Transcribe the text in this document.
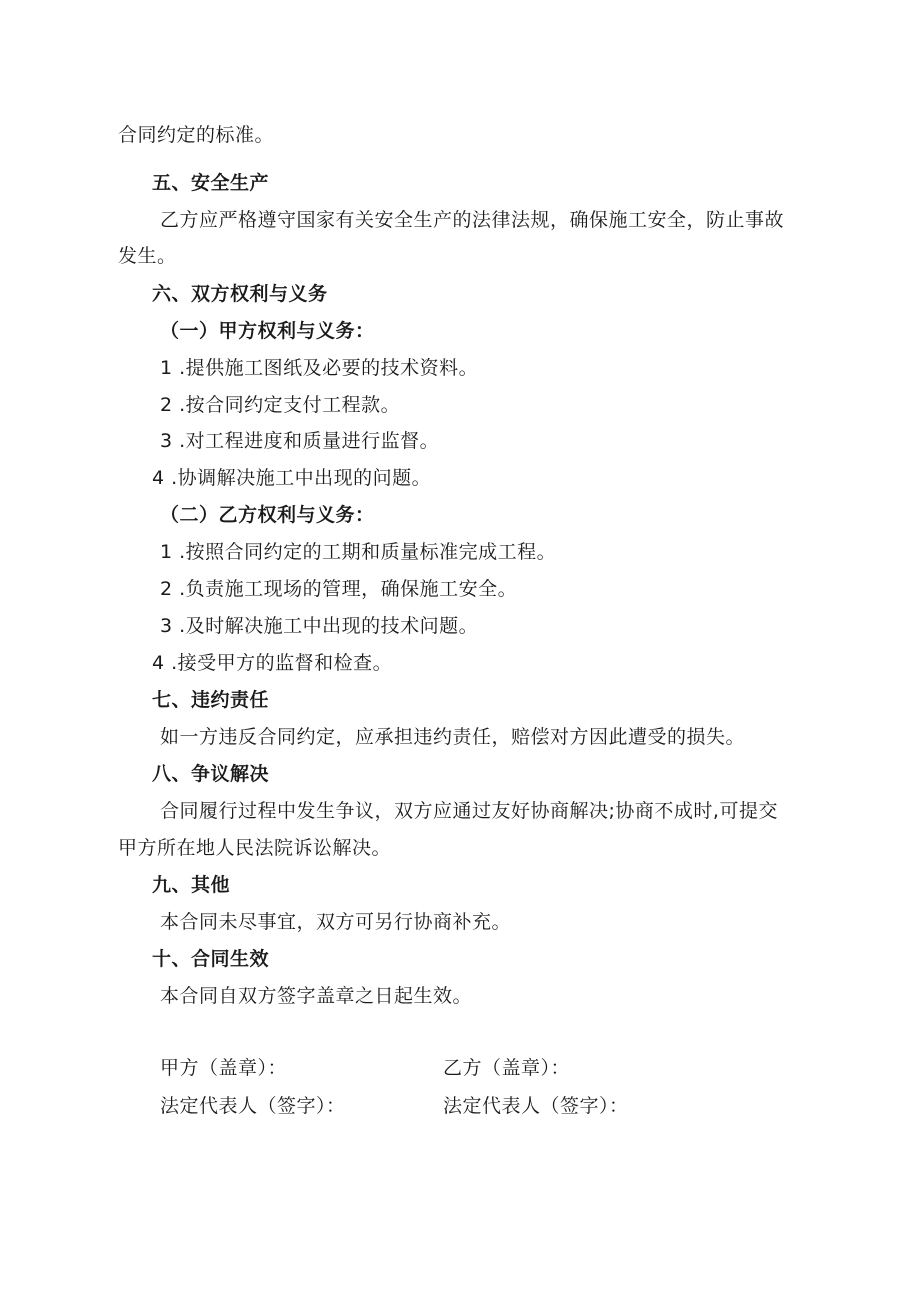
合同约定的标准。
五、安全生产
乙方应严格遵守国家有关安全生产的法律法规，确保施工安全，防止事故
发生。
六、双方权利与义务
（一）甲方权利与义务：
1 .提供施工图纸及必要的技术资料。
2 .按合同约定支付工程款。
3 .对工程进度和质量进行监督。
4 .协调解决施工中出现的问题。
（二）乙方权利与义务：
1 .按照合同约定的工期和质量标准完成工程。
2 .负责施工现场的管理，确保施工安全。
3 .及时解决施工中出现的技术问题。
4 .接受甲方的监督和检查。
七、违约责任
如一方违反合同约定，应承担违约责任，赔偿对方因此遭受的损失。
八、争议解决
合同履行过程中发生争议，双方应通过友好协商解决;协商不成时,可提交
甲方所在地人民法院诉讼解决。
九、其他
本合同未尽事宜，双方可另行协商补充。
十、合同生效
本合同自双方签字盖章之日起生效。
甲方（盖章）：	乙方（盖章）：
法定代表人（签字）：	法定代表人（签字）：
